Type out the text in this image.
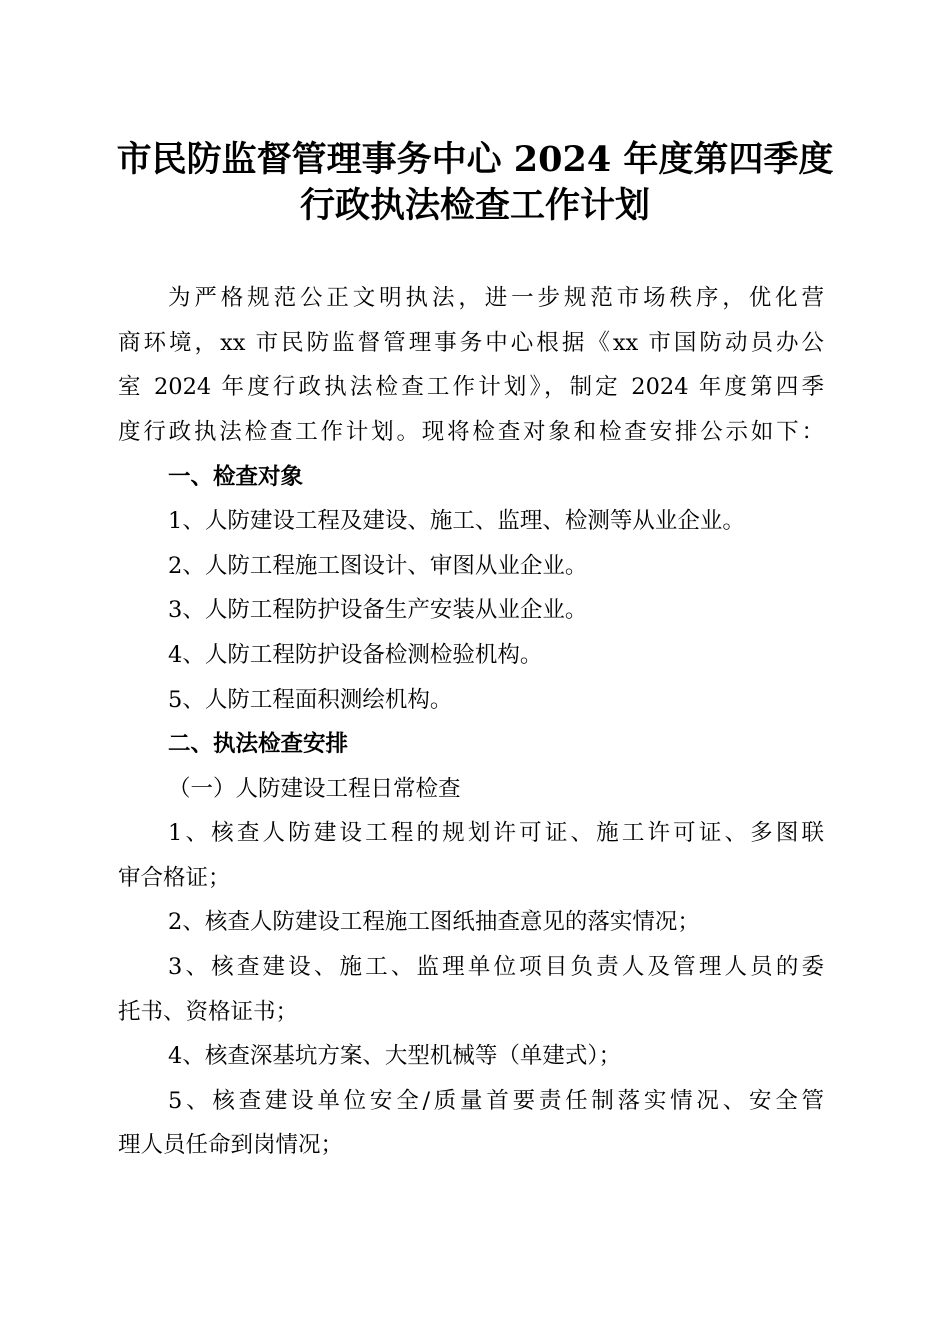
市民防监督管理事务中心 2024 年度第四季度
行政执法检查工作计划
为严格规范公正文明执法，进一步规范市场秩序，优化营
商环境，xx 市民防监督管理事务中心根据《xx 市国防动员办公
室 2024 年度行政执法检查工作计划》，制定 2024 年度第四季
度行政执法检查工作计划。现将检查对象和检查安排公示如下：
一、检查对象
1、人防建设工程及建设、施工、监理、检测等从业企业。
2、人防工程施工图设计、审图从业企业。
3、人防工程防护设备生产安装从业企业。
4、人防工程防护设备检测检验机构。
5、人防工程面积测绘机构。
二、执法检查安排
（一）人防建设工程日常检查
1、核查人防建设工程的规划许可证、施工许可证、多图联
审合格证；
2、核查人防建设工程施工图纸抽查意见的落实情况；
3、核查建设、施工、监理单位项目负责人及管理人员的委
托书、资格证书；
4、核查深基坑方案、大型机械等（单建式）；
5、核查建设单位安全/质量首要责任制落实情况、安全管
理人员任命到岗情况；
